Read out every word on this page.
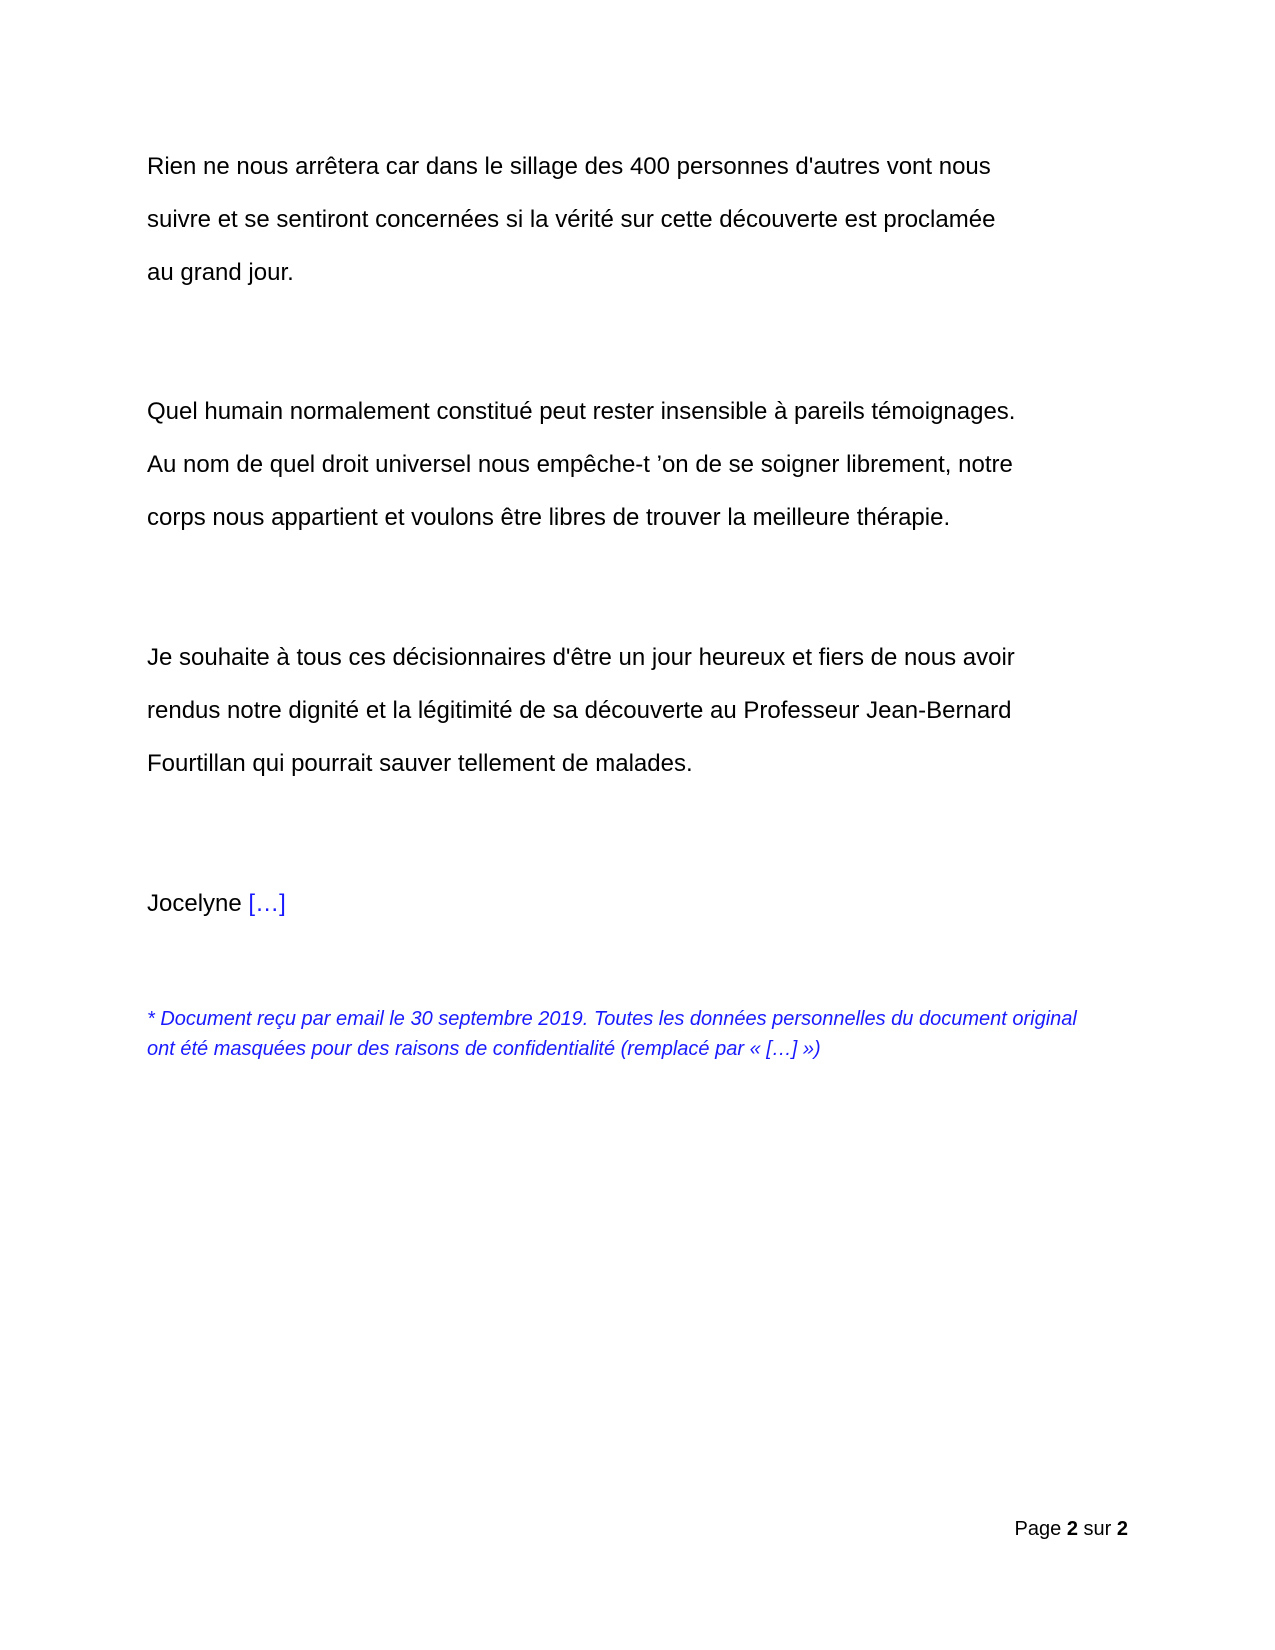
Rien ne nous arrêtera car dans le sillage des 400 personnes d'autres vont nous
suivre et se sentiront concernées si la vérité sur cette découverte est proclamée
au grand jour.
Quel humain normalement constitué peut rester insensible à pareils témoignages.
Au nom de quel droit universel nous empêche-t ’on de se soigner librement, notre
corps nous appartient et voulons être libres de trouver la meilleure thérapie.
Je souhaite à tous ces décisionnaires d'être un jour heureux et fiers de nous avoir
rendus notre dignité et la légitimité de sa découverte au Professeur Jean-Bernard
Fourtillan qui pourrait sauver tellement de malades.
Jocelyne […]
* Document reçu par email le 30 septembre 2019. Toutes les données personnelles du document original
ont été masquées pour des raisons de confidentialité (remplacé par « […] »)
Page 2 sur 2
